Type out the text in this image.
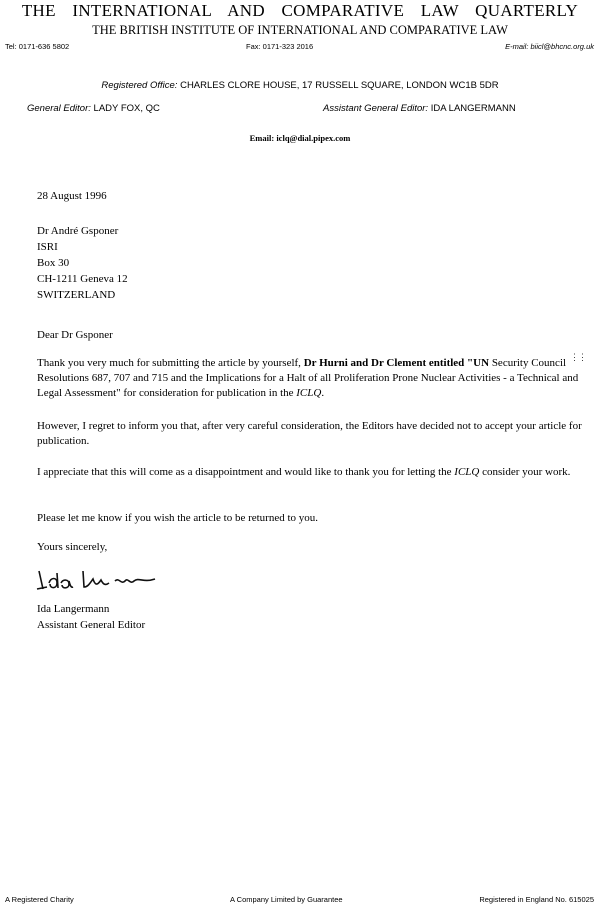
THE INTERNATIONAL AND COMPARATIVE LAW QUARTERLY
THE BRITISH INSTITUTE OF INTERNATIONAL AND COMPARATIVE LAW
Tel: 0171-636 5802	Fax: 0171-323 2016	E-mail: biicl@bhcnc.org.uk
Registered Office: CHARLES CLORE HOUSE, 17 RUSSELL SQUARE, LONDON WC1B 5DR
General Editor: LADY FOX, QC	Assistant General Editor: IDA LANGERMANN
Email: iclq@dial.pipex.com
28 August 1996
Dr André Gsponer
ISRI
Box 30
CH-1211 Geneva 12
SWITZERLAND
Dear Dr Gsponer
Thank you very much for submitting the article by yourself, Dr Hurni and Dr Clement entitled "UN Security Council Resolutions 687, 707 and 715 and the Implications for a Halt of all Proliferation Prone Nuclear Activities - a Technical and Legal Assessment" for consideration for publication in the ICLQ.
However, I regret to inform you that, after very careful consideration, the Editors have decided not to accept your article for publication.
I appreciate that this will come as a disappointment and would like to thank you for letting the ICLQ consider your work.
Please let me know if you wish the article to be returned to you.
Yours sincerely,
Ida Langermann
Assistant General Editor
⋮⋮
A Registered Charity	A Company Limited by Guarantee	Registered in England No. 615025
